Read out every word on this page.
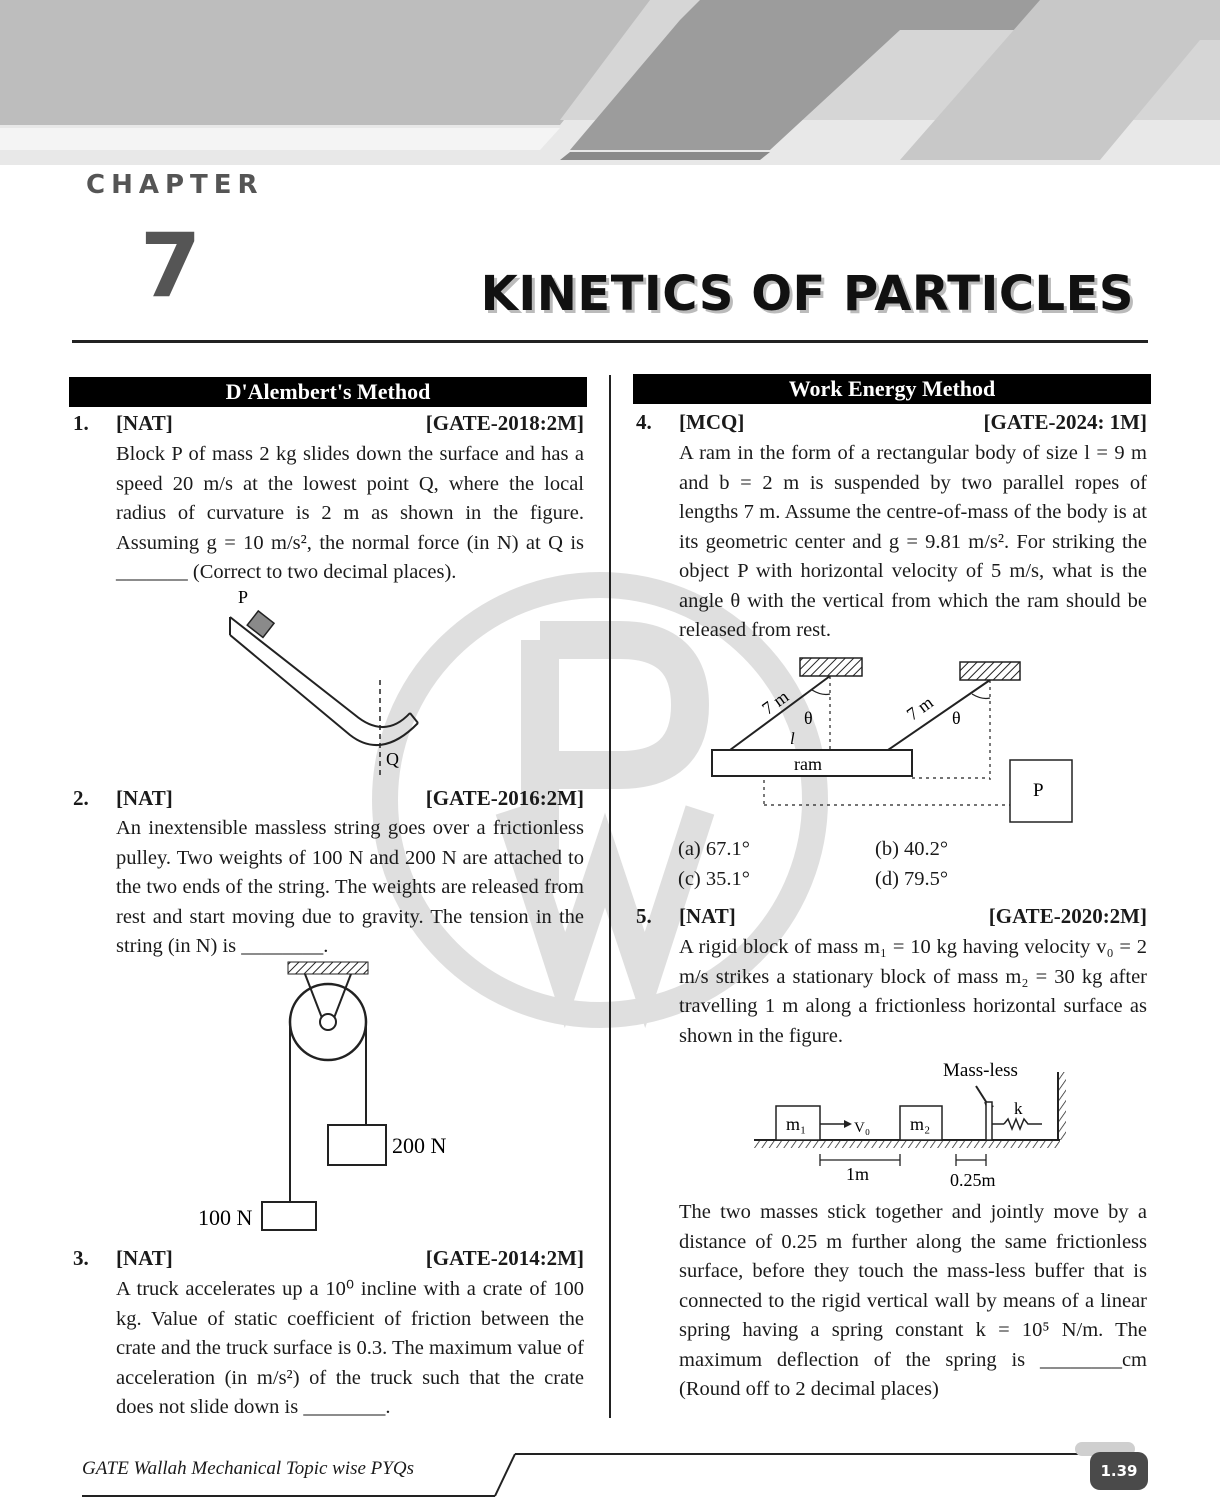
CHAPTER
7	KINETICS OF PARTICLES
D'Alembert's Method
1. [NAT]	[GATE-2018:2M]
Block P of mass 2 kg slides down the surface and has a speed 20 m/s at the lowest point Q, where the local radius of curvature is 2 m as shown in the figure. Assuming g = 10 m/s², the normal force (in N) at Q is _______ (Correct to two decimal places).
P
Q
2. [NAT]	[GATE-2016:2M]
An inextensible massless string goes over a frictionless pulley. Two weights of 100 N and 200 N are attached to the two ends of the string. The weights are released from rest and start moving due to gravity. The tension in the string (in N) is ________.
200 N
100 N
3. [NAT]	[GATE-2014:2M]
A truck accelerates up a 10⁰ incline with a crate of 100 kg. Value of static coefficient of friction between the crate and the truck surface is 0.3. The maximum value of acceleration (in m/s²) of the truck such that the crate does not slide down is ________.
Work Energy Method
4. [MCQ]	[GATE-2024: 1M]
A ram in the form of a rectangular body of size l = 9 m and b = 2 m is suspended by two parallel ropes of lengths 7 m. Assume the centre-of-mass of the body is at its geometric center and g = 9.81 m/s². For striking the object P with horizontal velocity of 5 m/s, what is the angle θ with the vertical from which the ram should be released from rest.
7 m	7 m
θ	θ
l
ram
P
(a) 67.1°	(b) 40.2°
(c) 35.1°	(d) 79.5°
5. [NAT]	[GATE-2020:2M]
A rigid block of mass m₁ = 10 kg having velocity v₀ = 2 m/s strikes a stationary block of mass m₂ = 30 kg after travelling 1 m along a frictionless horizontal surface as shown in the figure.
Mass-less
m₁	V₀ m₂
k
1m	0.25m
The two masses stick together and jointly move by a distance of 0.25 m further along the same frictionless surface, before they touch the mass-less buffer that is connected to the rigid vertical wall by means of a linear spring having a spring constant k = 10⁵ N/m. The maximum deflection of the spring is ________cm (Round off to 2 decimal places)
GATE Wallah Mechanical Topic wise PYQs	1.39
